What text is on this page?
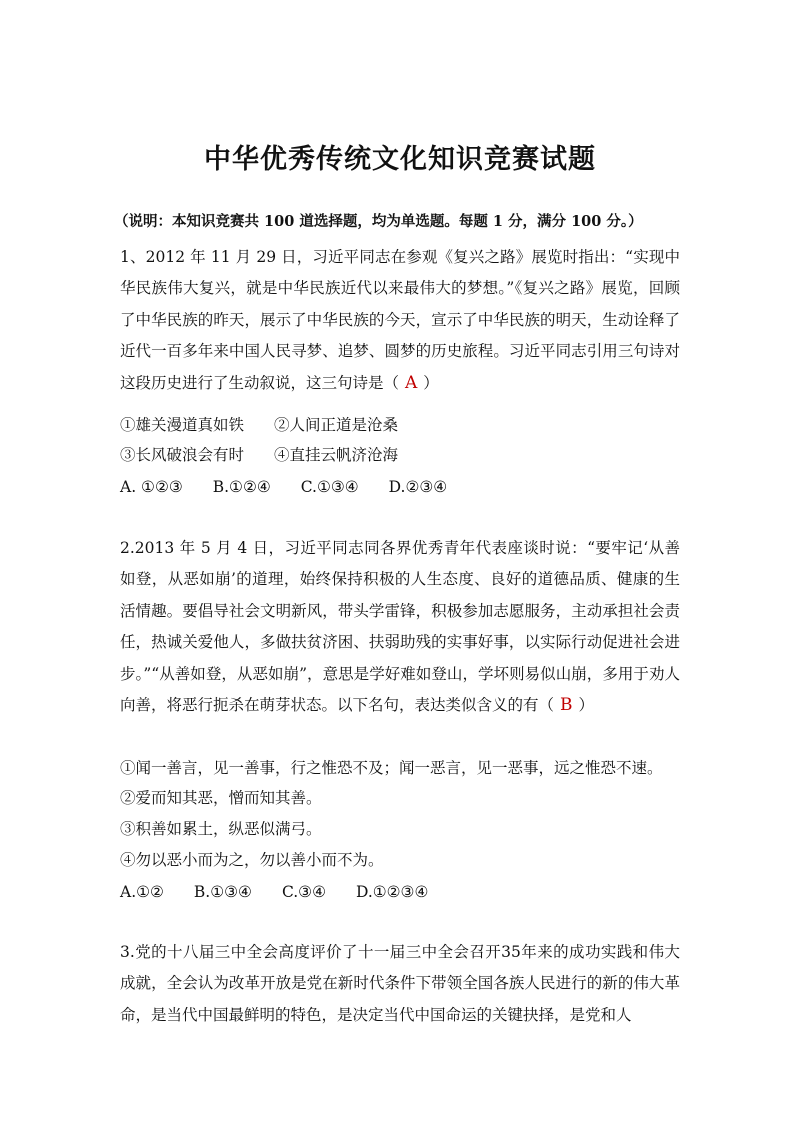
中华优秀传统文化知识竞赛试题
（说明：本知识竞赛共 100 道选择题，均为单选题。每题 1 分，满分 100 分。）
1、2012 年 11 月 29 日，习近平同志在参观《复兴之路》展览时指出：“实现中华民族伟大复兴，就是中华民族近代以来最伟大的梦想。”《复兴之路》展览，回顾了中华民族的昨天，展示了中华民族的今天，宣示了中华民族的明天，生动诠释了近代一百多年来中国人民寻梦、追梦、圆梦的历史旅程。习近平同志引用三句诗对这段历史进行了生动叙说，这三句诗是（ A ）
①雄关漫道真如铁 ②人间正道是沧桑
③长风破浪会有时 ④直挂云帆济沧海
A. ①②③ B.①②④ C.①③④ D.②③④
2.2013 年 5 月 4 日，习近平同志同各界优秀青年代表座谈时说：“要牢记‘从善如登，从恶如崩’的道理，始终保持积极的人生态度、良好的道德品质、健康的生活情趣。要倡导社会文明新风，带头学雷锋，积极参加志愿服务，主动承担社会责任，热诚关爱他人，多做扶贫济困、扶弱助残的实事好事，以实际行动促进社会进步。”“从善如登，从恶如崩”，意思是学好难如登山，学坏则易似山崩，多用于劝人向善，将恶行扼杀在萌芽状态。以下名句，表达类似含义的有（ B ）
①闻一善言，见一善事，行之惟恐不及；闻一恶言，见一恶事，远之惟恐不速。
②爱而知其恶，憎而知其善。
③积善如累土，纵恶似满弓。
④勿以恶小而为之，勿以善小而不为。
A.①② B.①③④ C.③④ D.①②③④
3.党的十八届三中全会高度评价了十一届三中全会召开35年来的成功实践和伟大成就，全会认为改革开放是党在新时代条件下带领全国各族人民进行的新的伟大革命，是当代中国最鲜明的特色，是决定当代中国命运的关键抉择，是党和人
